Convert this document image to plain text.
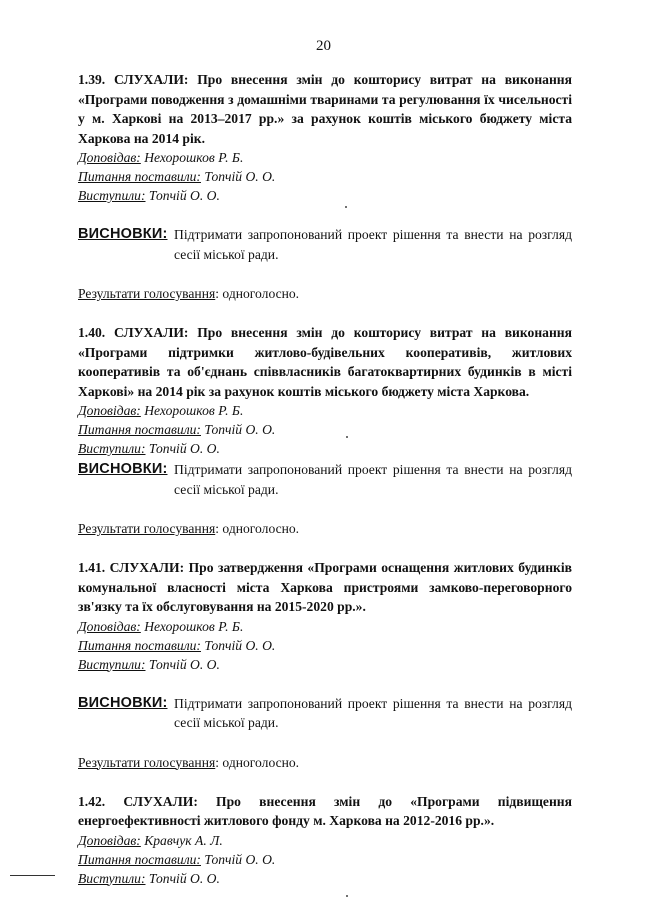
20

1.39. СЛУХАЛИ: Про внесення змін до кошторису витрат на виконання «Програми поводження з домашніми тваринами та регулювання їх чисельності у м. Харкові на 2013–2017 рр.» за рахунок коштів міського бюджету міста Харкова на 2014 рік.

Доповідав: Нехорошков Р. Б.

Питання поставили: Топчій О. О.

Виступили: Топчій О. О.

ВИСНОВКИ: Підтримати запропонований проект рішення та внести на розгляд сесії міської ради.
Результати голосування: одноголосно.

1.40. СЛУХАЛИ: Про внесення змін до кошторису витрат на виконання «Програми підтримки житлово-будівельних кооперативів, житлових кооперативів та об'єднань співвласників багатоквартирних будинків в місті Харкові» на 2014 рік за рахунок коштів міського бюджету міста Харкова.

Доповідав: Нехорошков Р. Б.

Питання поставили: Топчій О. О.

Виступили: Топчій О. О.

ВИСНОВКИ: Підтримати запропонований проект рішення та внести на розгляд сесії міської ради.
Результати голосування: одноголосно.

1.41. СЛУХАЛИ: Про затвердження «Програми оснащення житлових будинків комунальної власності міста Харкова пристроями замково-переговорного зв'язку та їх обслуговування на 2015-2020 рр.».

Доповідав: Нехорошков Р. Б.

Питання поставили: Топчій О. О.

Виступили: Топчій О. О.

ВИСНОВКИ: Підтримати запропонований проект рішення та внести на розгляд сесії міської ради.
Результати голосування: одноголосно.

1.42. СЛУХАЛИ: Про внесення змін до «Програми підвищення енергоефективності житлового фонду м. Харкова на 2012-2016 рр.».

Доповідав: Кравчук А. Л.

Питання поставили: Топчій О. О.

Виступили: Топчій О. О.
